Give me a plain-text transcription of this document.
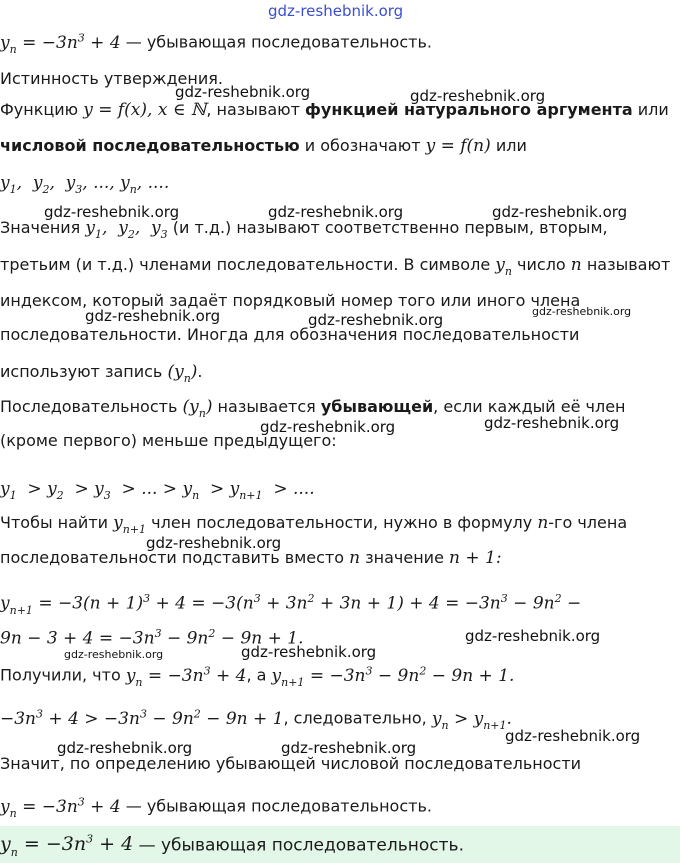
$y_n = -3n^3 + 4$ — убывающая последовательность.
Истинность утверждения.
Функцию y = f(x), x ∈ ℕ, называют функцией натурального аргумента или
числовой последовательностью и обозначают y = f(n) или
$y_1$,  $y_2$,  $y_3$, ..., $y_n$, ....
Значения $y_1$,  $y_2$,  $y_3$ (и т.д.) называют соответственно первым, вторым,
третьим (и т.д.) членами последовательности. В символе $y_n$ число n называют
индексом, который задаёт порядковый номер того или иного члена
последовательности. Иногда для обозначения последовательности
используют запись $(y_n)$.
Последовательность $(y_n)$ называется убывающей, если каждый её член
(кроме первого) меньше предыдущего:
$y_1 > y_2 > y_3$  > ... > $y_n > y_{n+1}$  > ....
Чтобы найти $y_{n+1}$ член последовательности, нужно в формулу n-го члена
последовательности подставить вместо n значение n + 1:
$y_{n+1} = -3(n + 1)^3 + 4 = -3(n^3 + 3n^2 + 3n + 1) + 4 = -3n^3 - 9n^2$ −
$9n - 3 + 4 = -3n^3 - 9n^2 - 9n + 1$.
Получили, что $y_n = -3n^3 + 4$, а $y_{n+1} = -3n^3 - 9n^2 - 9n + 1$.
$-3n^3 + 4 > -3n^3 - 9n^2 - 9n + 1$, следовательно, $y_n > y_{n+1}$.
Значит, по определению убывающей числовой последовательности
$y_n = -3n^3 + 4$ — убывающая последовательность.
$y_n = -3n^3 + 4$ — убывающая последовательность.
gdz-reshebnik.org
gdz-reshebnik.org	gdz-reshebnik.org
gdz-reshebnik.org	gdz-reshebnik.org	gdz-reshebnik.org
gdz-reshebnik.org	gdz-reshebnik.org	gdz-reshebnik.org
gdz-reshebnik.org	gdz-reshebnik.org
gdz-reshebnik.org
gdz-reshebnik.org
gdz-reshebnik.org	gdz-reshebnik.org
gdz-reshebnik.org
gdz-reshebnik.org	gdz-reshebnik.org
